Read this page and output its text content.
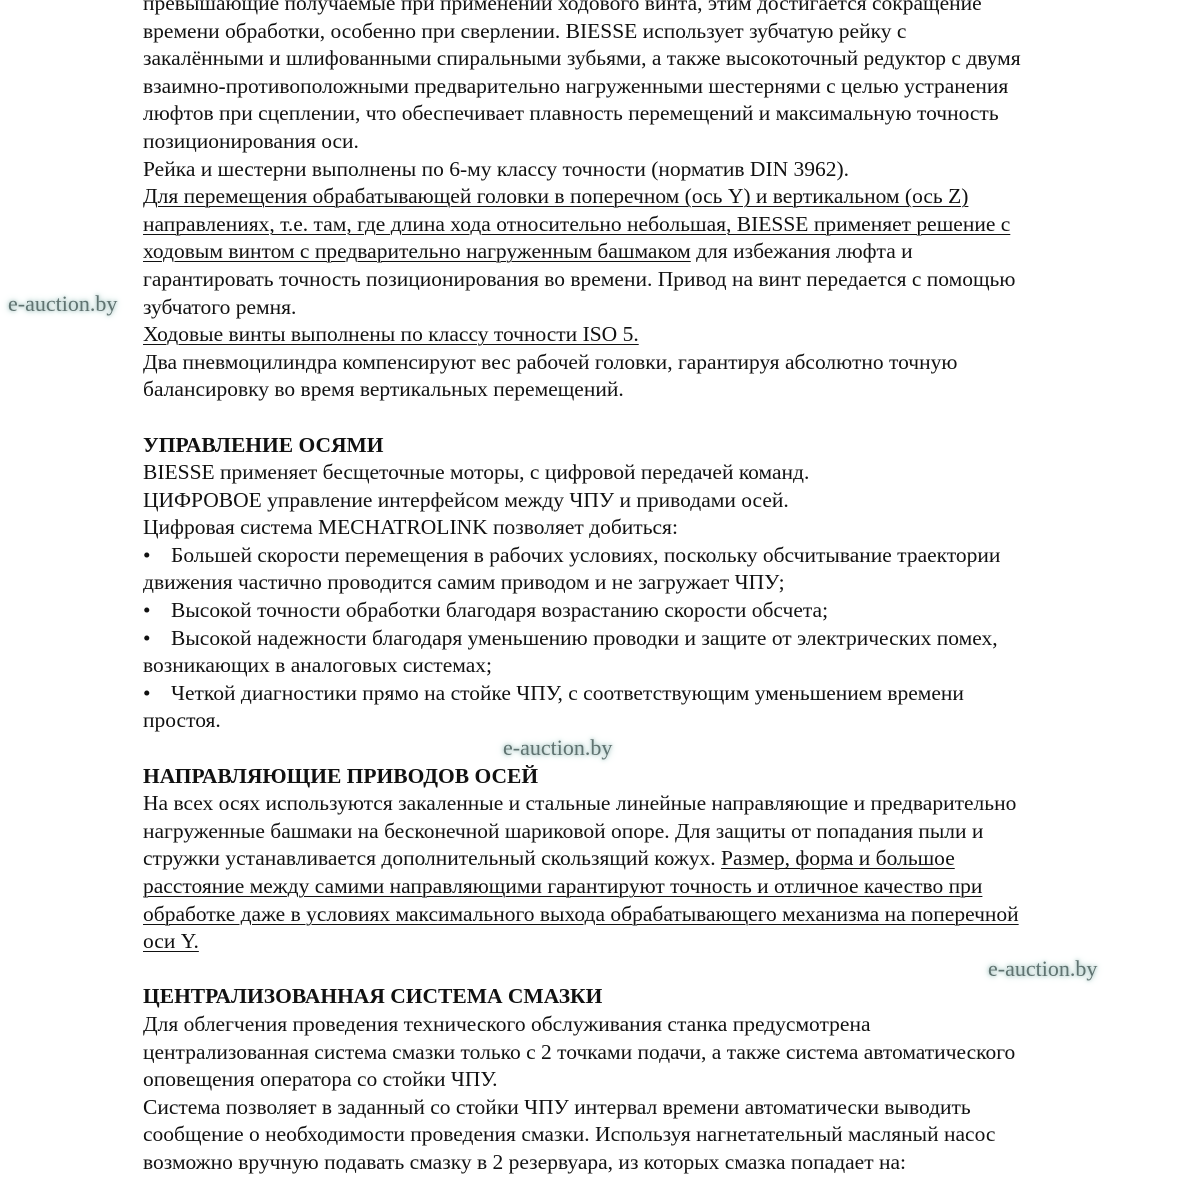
e-auction.by
превышающие получаемые при применении ходового винта, этим достигается сокращение
времени обработки, особенно при сверлении. BIESSE использует зубчатую рейку с
закалёнными и шлифованными спиральными зубьями, а также высокоточный редуктор с двумя
взаимно-противоположными предварительно нагруженными шестернями с целью устранения
люфтов при сцеплении, что обеспечивает плавность перемещений и максимальную точность
позиционирования оси.
Рейка и шестерни выполнены по 6-му классу точности (норматив DIN 3962).
Для перемещения обрабатывающей головки в поперечном (ось Y) и вертикальном (ось Z)
направлениях, т.е. там, где длина хода относительно небольшая, BIESSE применяет решение с
ходовым винтом с предварительно нагруженным башмаком для избежания люфта и
гарантировать точность позиционирования во времени. Привод на винт передается с помощью
зубчатого ремня.
Ходовые винты выполнены по классу точности ISO 5.
Два пневмоцилиндра компенсируют вес рабочей головки, гарантируя абсолютно точную
балансировку во время вертикальных перемещений.
УПРАВЛЕНИЕ ОСЯМИ
BIESSE применяет бесщеточные моторы, с цифровой передачей команд.
ЦИФРОВОЕ управление интерфейсом между ЧПУ и приводами осей.
Цифровая система MECHATROLINK позволяет добиться:
• Большей скорости перемещения в рабочих условиях, поскольку обсчитывание траектории
движения частично проводится самим приводом и не загружает ЧПУ;
• Высокой точности обработки благодаря возрастанию скорости обсчета;
• Высокой надежности благодаря уменьшению проводки и защите от электрических помех,
возникающих в аналоговых системах;
• Четкой диагностики прямо на стойке ЧПУ, с соответствующим уменьшением времени
простоя.
e-auction.by
НАПРАВЛЯЮЩИЕ ПРИВОДОВ ОСЕЙ
На всех осях используются закаленные и стальные линейные направляющие и предварительно
нагруженные башмаки на бесконечной шариковой опоре. Для защиты от попадания пыли и
стружки устанавливается дополнительный скользящий кожух. Размер, форма и большое
расстояние между самими направляющими гарантируют точность и отличное качество при
обработке даже в условиях максимального выхода обрабатывающего механизма на поперечной
оси Y.
e-auction.by
ЦЕНТРАЛИЗОВАННАЯ СИСТЕМА СМАЗКИ
Для облегчения проведения технического обслуживания станка предусмотрена
централизованная система смазки только с 2 точками подачи, а также система автоматического
оповещения оператора со стойки ЧПУ.
Система позволяет в заданный со стойки ЧПУ интервал времени автоматически выводить
сообщение о необходимости проведения смазки. Используя нагнетательный масляный насос
возможно вручную подавать смазку в 2 резервуара, из которых смазка попадает на:
